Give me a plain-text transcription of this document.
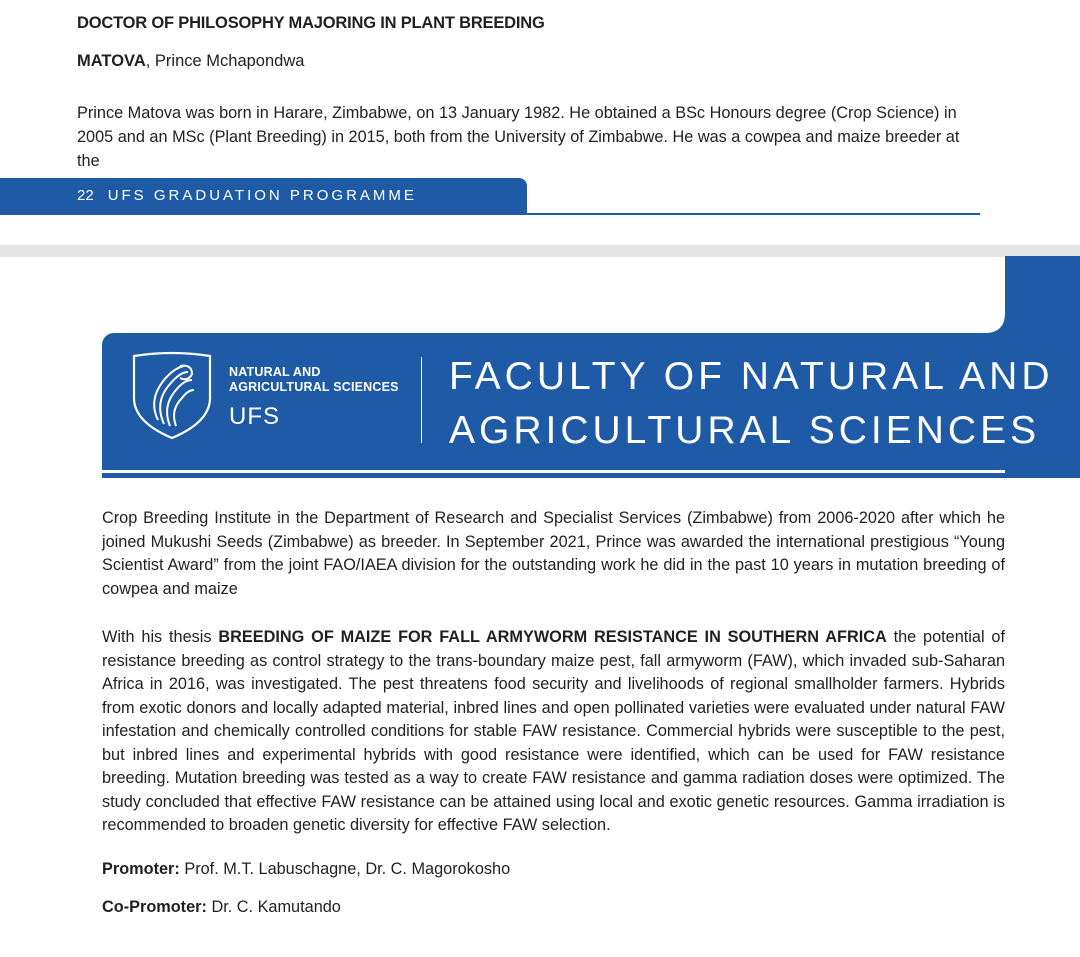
DOCTOR OF PHILOSOPHY MAJORING IN PLANT BREEDING

MATOVA, Prince Mchapondwa

Prince Matova was born in Harare, Zimbabwe, on 13 January 1982. He obtained a BSc Honours degree (Crop Science) in 2005 and an MSc (Plant Breeding) in 2015, both from the University of Zimbabwe. He was a cowpea and maize breeder at the

22 UFS GRADUATION PROGRAMME
NATURAL AND
AGRICULTURAL SCIENCES
UFS
FACULTY OF NATURAL AND
AGRICULTURAL SCIENCES

Crop Breeding Institute in the Department of Research and Specialist Services (Zimbabwe) from 2006-2020 after which he joined Mukushi Seeds (Zimbabwe) as breeder. In September 2021, Prince was awarded the international prestigious “Young Scientist Award” from the joint FAO/IAEA division for the outstanding work he did in the past 10 years in mutation breeding of cowpea and maize

With his thesis BREEDING OF MAIZE FOR FALL ARMYWORM RESISTANCE IN SOUTHERN AFRICA the potential of resistance breeding as control strategy to the trans-boundary maize pest, fall armyworm (FAW), which invaded sub-Saharan Africa in 2016, was investigated. The pest threatens food security and livelihoods of regional smallholder farmers. Hybrids from exotic donors and locally adapted material, inbred lines and open pollinated varieties were evaluated under natural FAW infestation and chemically controlled conditions for stable FAW resistance. Commercial hybrids were susceptible to the pest, but inbred lines and experimental hybrids with good resistance were identified, which can be used for FAW resistance breeding. Mutation breeding was tested as a way to create FAW resistance and gamma radiation doses were optimized. The study concluded that effective FAW resistance can be attained using local and exotic genetic resources. Gamma irradiation is recommended to broaden genetic diversity for effective FAW selection.

Promoter: Prof. M.T. Labuschagne, Dr. C. Magorokosho

Co-Promoter: Dr. C. Kamutando
